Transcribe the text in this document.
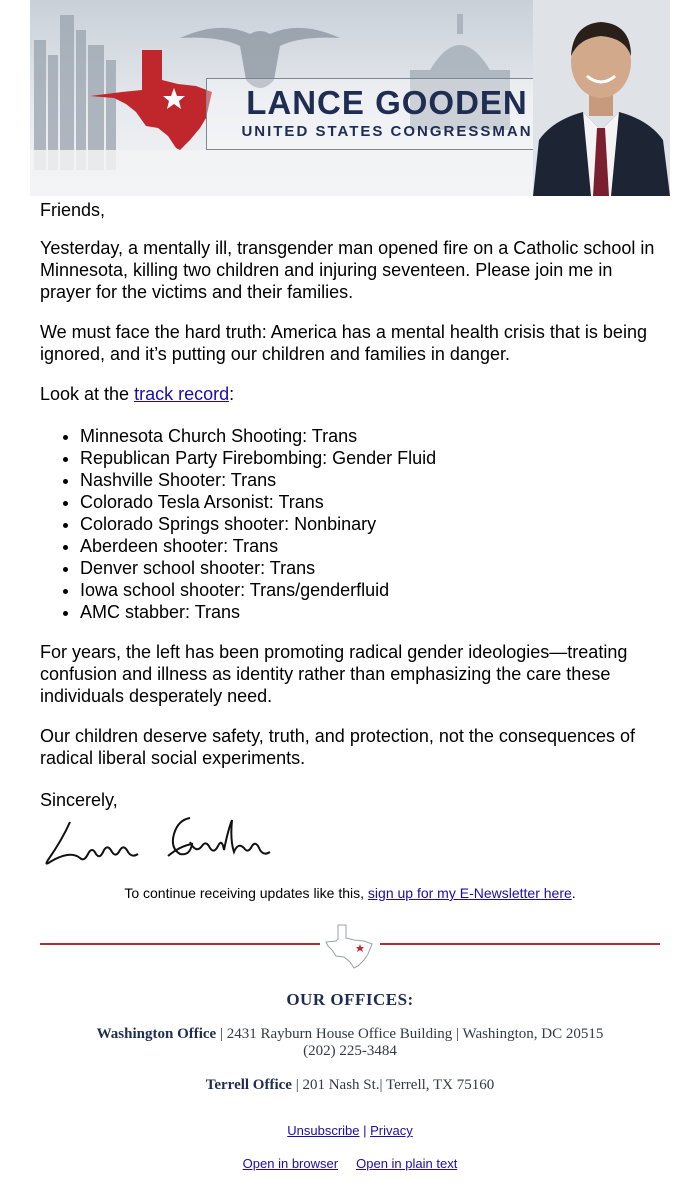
LANCE GOODEN
UNITED STATES CONGRESSMAN

Friends,

Yesterday, a mentally ill, transgender man opened fire on a Catholic school in Minnesota, killing two children and injuring seventeen. Please join me in prayer for the victims and their families.

We must face the hard truth: America has a mental health crisis that is being ignored, and it’s putting our children and families in danger.

Look at the track record:

• Minnesota Church Shooting: Trans
• Republican Party Firebombing: Gender Fluid
• Nashville Shooter: Trans
• Colorado Tesla Arsonist: Trans
• Colorado Springs shooter: Nonbinary
• Aberdeen shooter: Trans
• Denver school shooter: Trans
• Iowa school shooter: Trans/genderfluid
• AMC stabber: Trans

For years, the left has been promoting radical gender ideologies—treating confusion and illness as identity rather than emphasizing the care these individuals desperately need.

Our children deserve safety, truth, and protection, not the consequences of radical liberal social experiments.

Sincerely,

To continue receiving updates like this, sign up for my E-Newsletter here.
OUR OFFICES:
Washington Office | 2431 Rayburn House Office Building | Washington, DC 20515
(202) 225-3484
Terrell Office | 201 Nash St.| Terrell, TX 75160
Unsubscribe | Privacy
Open in browser Open in plain text
